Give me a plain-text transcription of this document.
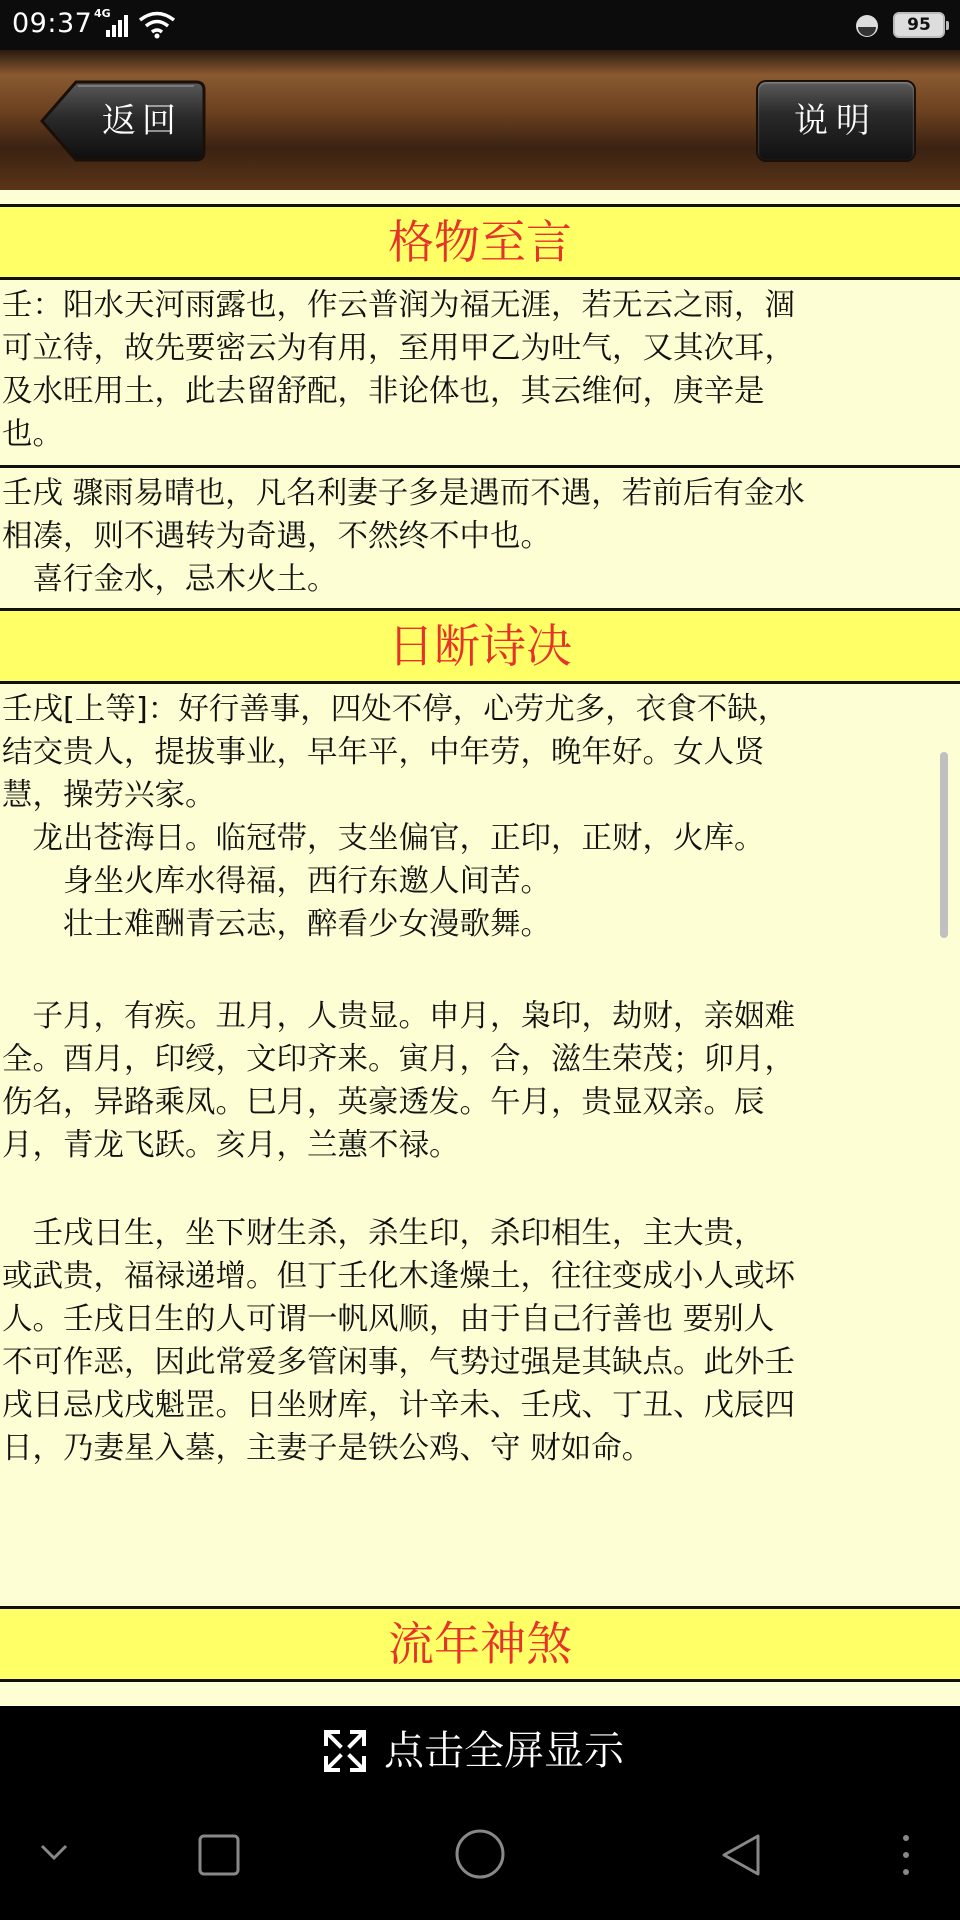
09:37 4G
95
返回	说明
格物至言
壬：阳水天河雨露也，作云普润为福无涯，若无云之雨，涸
可立待，故先要密云为有用，至用甲乙为吐气，又其次耳，
及水旺用土，此去留舒配，非论体也，其云维何，庚辛是
也。
壬戌 骤雨易晴也，凡名利妻子多是遇而不遇，若前后有金水
相凑，则不遇转为奇遇，不然终不中也。
　喜行金水，忌木火土。
日断诗决
壬戌[上等]：好行善事，四处不停，心劳尤多，衣食不缺，
结交贵人，提拔事业，早年平，中年劳，晚年好。女人贤
慧，操劳兴家。
　龙出苍海日。临冠带，支坐偏官，正印，正财，火库。
　　身坐火库水得福，西行东邀人间苦。
　　壮士难酬青云志，醉看少女漫歌舞。
　子月，有疾。丑月，人贵显。申月，枭印，劫财，亲姻难
全。酉月，印绶，文印齐来。寅月，合，滋生荣茂；卯月，
伤名，异路乘凤。巳月，英豪透发。午月，贵显双亲。辰
月，青龙飞跃。亥月，兰蕙不禄。
　壬戌日生，坐下财生杀，杀生印，杀印相生，主大贵，
或武贵，福禄递增。但丁壬化木逢燥土，往往变成小人或坏
人。壬戌日生的人可谓一帆风顺，由于自己行善也 要别人
不可作恶，因此常爱多管闲事，气势过强是其缺点。此外壬
戌日忌戊戌魁罡。日坐财库，计辛未、壬戌、丁丑、戊辰四
日，乃妻星入墓，主妻子是铁公鸡、守 财如命。
流年神煞
点击全屏显示
